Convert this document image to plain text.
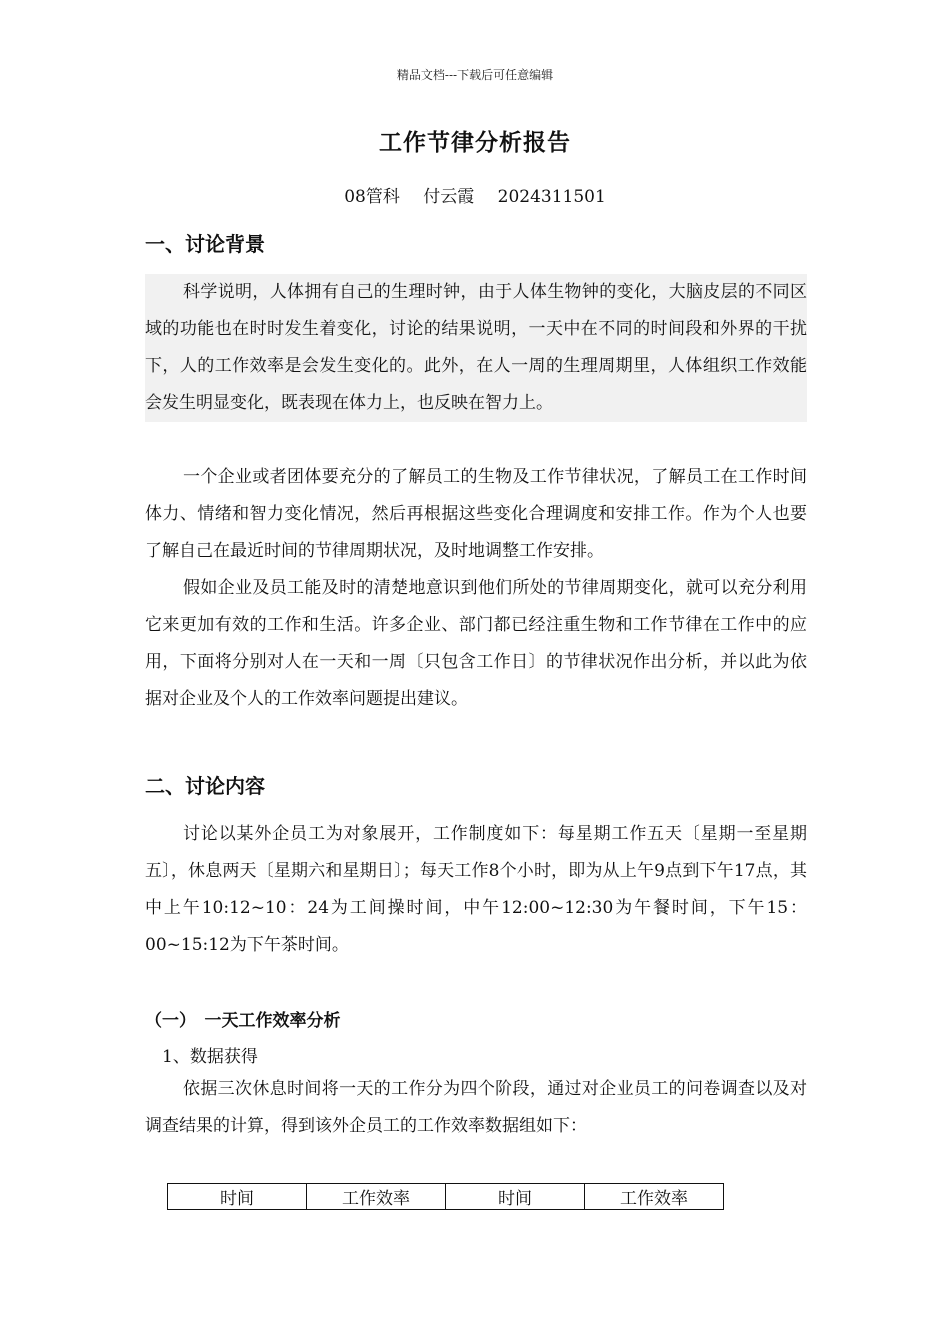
精品文档---下载后可任意编辑
工作节律分析报告
08管科 付云霞 2024311501
一、讨论背景

科学说明，人体拥有自己的生理时钟，由于人体生物钟的变化，大脑皮层的不同区域的功能也在时时发生着变化，讨论的结果说明，一天中在不同的时间段和外界的干扰下，人的工作效率是会发生变化的。此外，在人一周的生理周期里，人体组织工作效能会发生明显变化，既表现在体力上，也反映在智力上。

一个企业或者团体要充分的了解员工的生物及工作节律状况，了解员工在工作时间体力、情绪和智力变化情况，然后再根据这些变化合理调度和安排工作。作为个人也要了解自己在最近时间的节律周期状况，及时地调整工作安排。

假如企业及员工能及时的清楚地意识到他们所处的节律周期变化，就可以充分利用它来更加有效的工作和生活。许多企业、部门都已经注重生物和工作节律在工作中的应用，下面将分别对人在一天和一周〔只包含工作日〕的节律状况作出分析，并以此为依据对企业及个人的工作效率问题提出建议。

二、讨论内容

讨论以某外企员工为对象展开，工作制度如下：每星期工作五天〔星期一至星期五〕，休息两天〔星期六和星期日〕；每天工作8个小时，即为从上午9点到下午17点，其中上午10:12~10：24为工间操时间，中午12:00~12:30为午餐时间，下午15：00~15:12为下午茶时间。

（一）　一天工作效率分析
1、数据获得

依据三次休息时间将一天的工作分为四个阶段，通过对企业员工的问卷调查以及对调查结果的计算，得到该外企员工的工作效率数据组如下：

时间	工作效率	时间	工作效率
